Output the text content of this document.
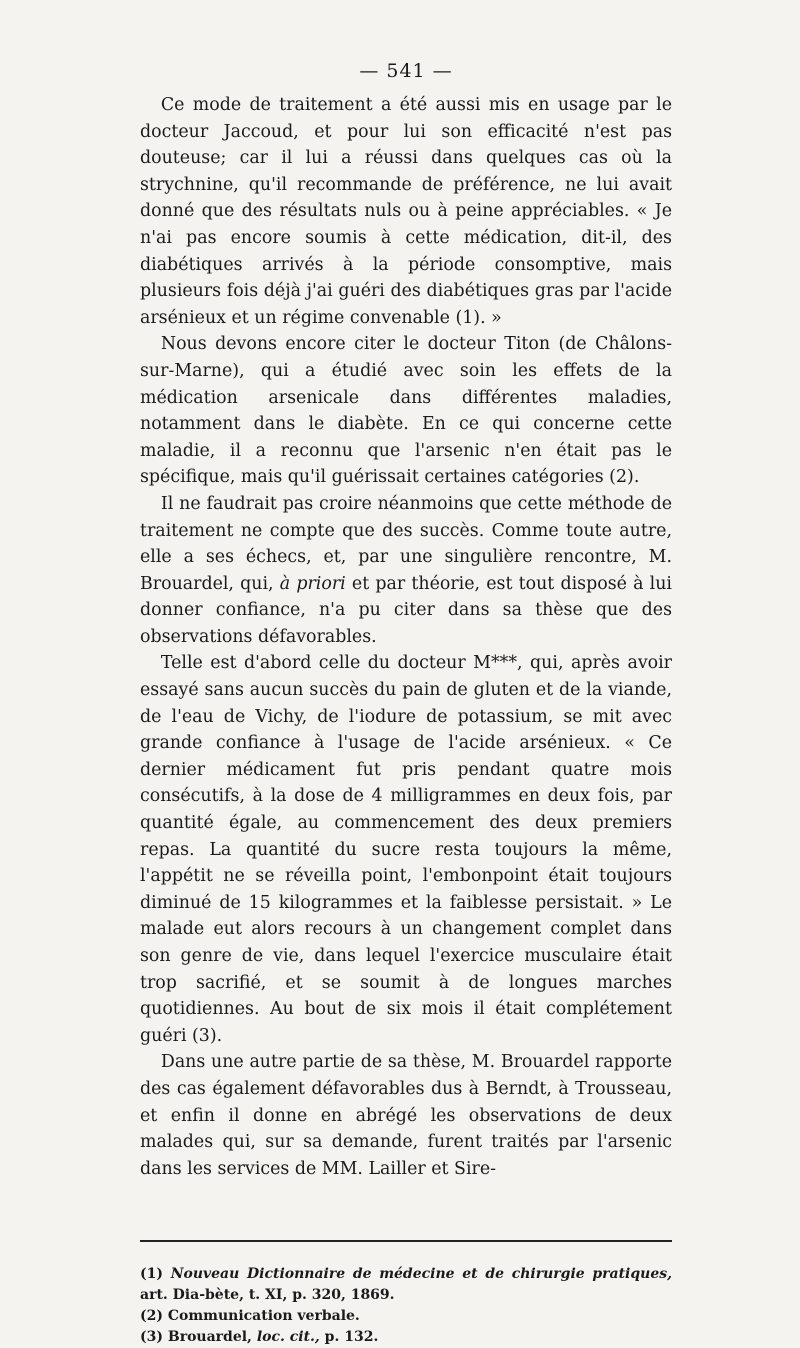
— 541 —

Ce mode de traitement a été aussi mis en usage par le docteur Jaccoud, et pour lui son efficacité n'est pas douteuse; car il lui a réussi dans quelques cas où la strychnine, qu'il recommande de préférence, ne lui avait donné que des résultats nuls ou à peine appréciables. « Je n'ai pas encore soumis à cette médication, dit-il, des diabétiques arrivés à la période consomptive, mais plusieurs fois déjà j'ai guéri des diabétiques gras par l'acide arsénieux et un régime convenable (1). »

Nous devons encore citer le docteur Titon (de Châlons-sur-Marne), qui a étudié avec soin les effets de la médication arsenicale dans différentes maladies, notamment dans le diabète. En ce qui concerne cette maladie, il a reconnu que l'arsenic n'en était pas le spécifique, mais qu'il guérissait certaines catégories (2).

Il ne faudrait pas croire néanmoins que cette méthode de traitement ne compte que des succès. Comme toute autre, elle a ses échecs, et, par une singulière rencontre, M. Brouardel, qui, à priori et par théorie, est tout disposé à lui donner confiance, n'a pu citer dans sa thèse que des observations défavorables.

Telle est d'abord celle du docteur M***, qui, après avoir essayé sans aucun succès du pain de gluten et de la viande, de l'eau de Vichy, de l'iodure de potassium, se mit avec grande confiance à l'usage de l'acide arsénieux. « Ce dernier médicament fut pris pendant quatre mois consécutifs, à la dose de 4 milligrammes en deux fois, par quantité égale, au commencement des deux premiers repas. La quantité du sucre resta toujours la même, l'appétit ne se réveilla point, l'embonpoint était toujours diminué de 15 kilogrammes et la faiblesse persistait. » Le malade eut alors recours à un changement complet dans son genre de vie, dans lequel l'exercice musculaire était trop sacrifié, et se soumit à de longues marches quotidiennes. Au bout de six mois il était complétement guéri (3).

Dans une autre partie de sa thèse, M. Brouardel rapporte des cas également défavorables dus à Berndt, à Trousseau, et enfin il donne en abrégé les observations de deux malades qui, sur sa demande, furent traités par l'arsenic dans les services de MM. Lailler et Sire-

(1) Nouveau Dictionnaire de médecine et de chirurgie pratiques, art. Dia-bète, t. XI, p. 320, 1869.

(2) Communication verbale.

(3) Brouardel, loc. cit., p. 132.
